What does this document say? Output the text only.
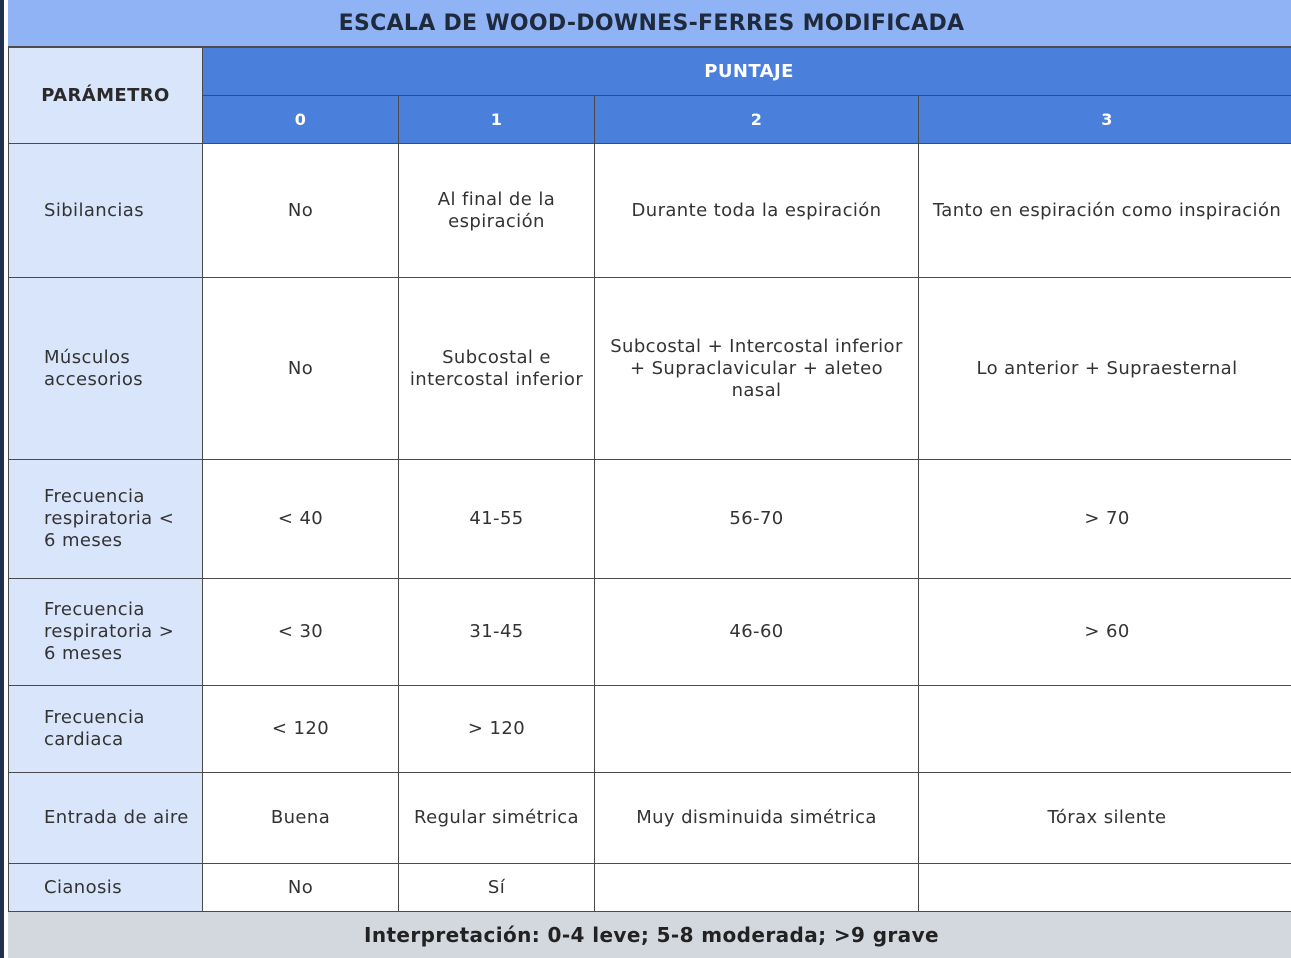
ESCALA DE WOOD-DOWNES-FERRES MODIFICADA
PARÁMETRO	PUNTAJE			
	0	1	2	3
Sibilancias	No	Al final de la espiración	Durante toda la espiración	Tanto en espiración como inspiración
Músculos accesorios	No	Subcostal e intercostal inferior	Subcostal + Intercostal inferior + Supraclavicular + aleteo nasal	Lo anterior + Supraesternal
Frecuencia respiratoria < 6 meses	< 40	41-55	56-70	> 70
Frecuencia respiratoria > 6 meses	< 30	31-45	46-60	> 60
Frecuencia cardiaca	< 120	> 120		
Entrada de aire	Buena	Regular simétrica	Muy disminuida simétrica	Tórax silente
Cianosis	No	Sí		
Interpretación: 0-4 leve; 5-8 moderada; >9 grave
